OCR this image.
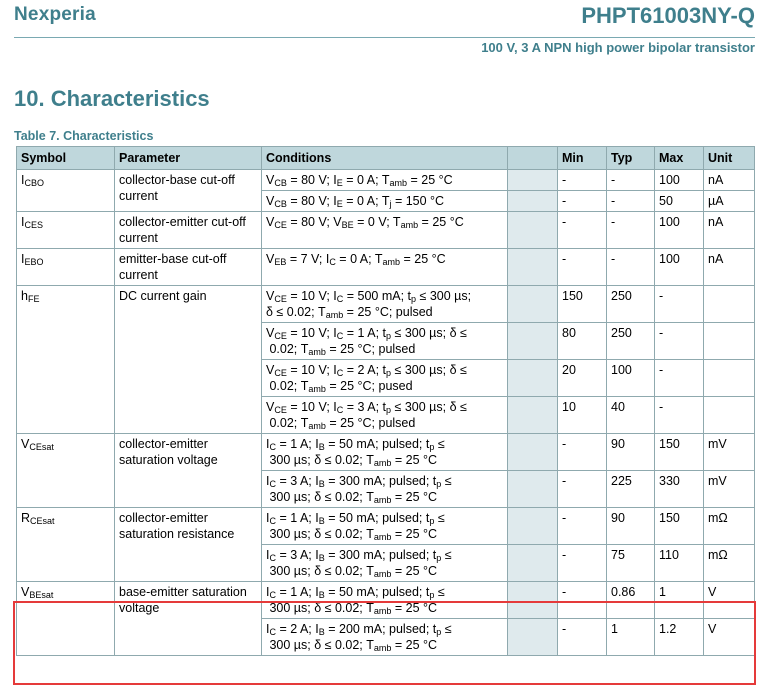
Nexperia	PHPT61003NY-Q
100 V, 3 A NPN high power bipolar transistor
10. Characteristics
Table 7. Characteristics
Symbol	Parameter	Conditions		Min	Typ	Max	Unit
$I_{CBO}$	collector-base cut-off current	$V_{CB} = 80$ V; $I_E = 0$ A; $T_{amb} = 25$ °C		-	-	100	nA
		$V_{CB} = 80$ V; $I_E = 0$ A; $T_j = 150$ °C		-	-	50	µA
$I_{CES}$	collector-emitter cut-off current	$V_{CE} = 80$ V; $V_{BE} = 0$ V; $T_{amb} = 25$ °C		-	-	100	nA
$I_{EBO}$	emitter-base cut-off current	$V_{EB} = 7$ V; $I_C = 0$ A; $T_{amb} = 25$ °C		-	-	100	nA
$h_{FE}$	DC current gain	$V_{CE} = 10$ V; $I_C = 500$ mA; $t_p \le 300$ µs;
δ ≤ 0.02; $T_{amb} = 25$ °C; pulsed		150	250	-	
		$V_{CE} = 10$ V; $I_C = 1$ A; $t_p \le 300$ µs; δ ≤
0.02; $T_{amb} = 25$ °C; pulsed		80	250	-	
		$V_{CE} = 10$ V; $I_C = 2$ A; $t_p \le 300$ µs; δ ≤
0.02; $T_{amb} = 25$ °C; pused		20	100	-	
		$V_{CE} = 10$ V; $I_C = 3$ A; $t_p \le 300$ µs; δ ≤
0.02; $T_{amb} = 25$ °C; pulsed		10	40	-	
$V_{CEsat}$	collector-emitter saturation voltage	$I_C = 1$ A; $I_B = 50$ mA; pulsed; $t_p$ ≤
300 µs; δ ≤ 0.02; $T_{amb} = 25$ °C		-	90	150	mV
		$I_C = 3$ A; $I_B = 300$ mA; pulsed; $t_p$ ≤
300 µs; δ ≤ 0.02; $T_{amb} = 25$ °C		-	225	330	mV
$R_{CEsat}$	collector-emitter saturation resistance	$I_C = 1$ A; $I_B = 50$ mA; pulsed; $t_p$ ≤
300 µs; δ ≤ 0.02; $T_{amb} = 25$ °C		-	90	150	mΩ
		$I_C = 3$ A; $I_B = 300$ mA; pulsed; $t_p$ ≤
300 µs; δ ≤ 0.02; $T_{amb} = 25$ °C		-	75	110	mΩ
$V_{BEsat}$	base-emitter saturation voltage	$I_C = 1$ A; $I_B = 50$ mA; pulsed; $t_p$ ≤
300 µs; δ ≤ 0.02; $T_{amb} = 25$ °C		-	0.86	1	V
		$I_C = 2$ A; $I_B = 200$ mA; pulsed; $t_p$ ≤
300 µs; δ ≤ 0.02; $T_{amb} = 25$ °C		-	1	1.2	V
